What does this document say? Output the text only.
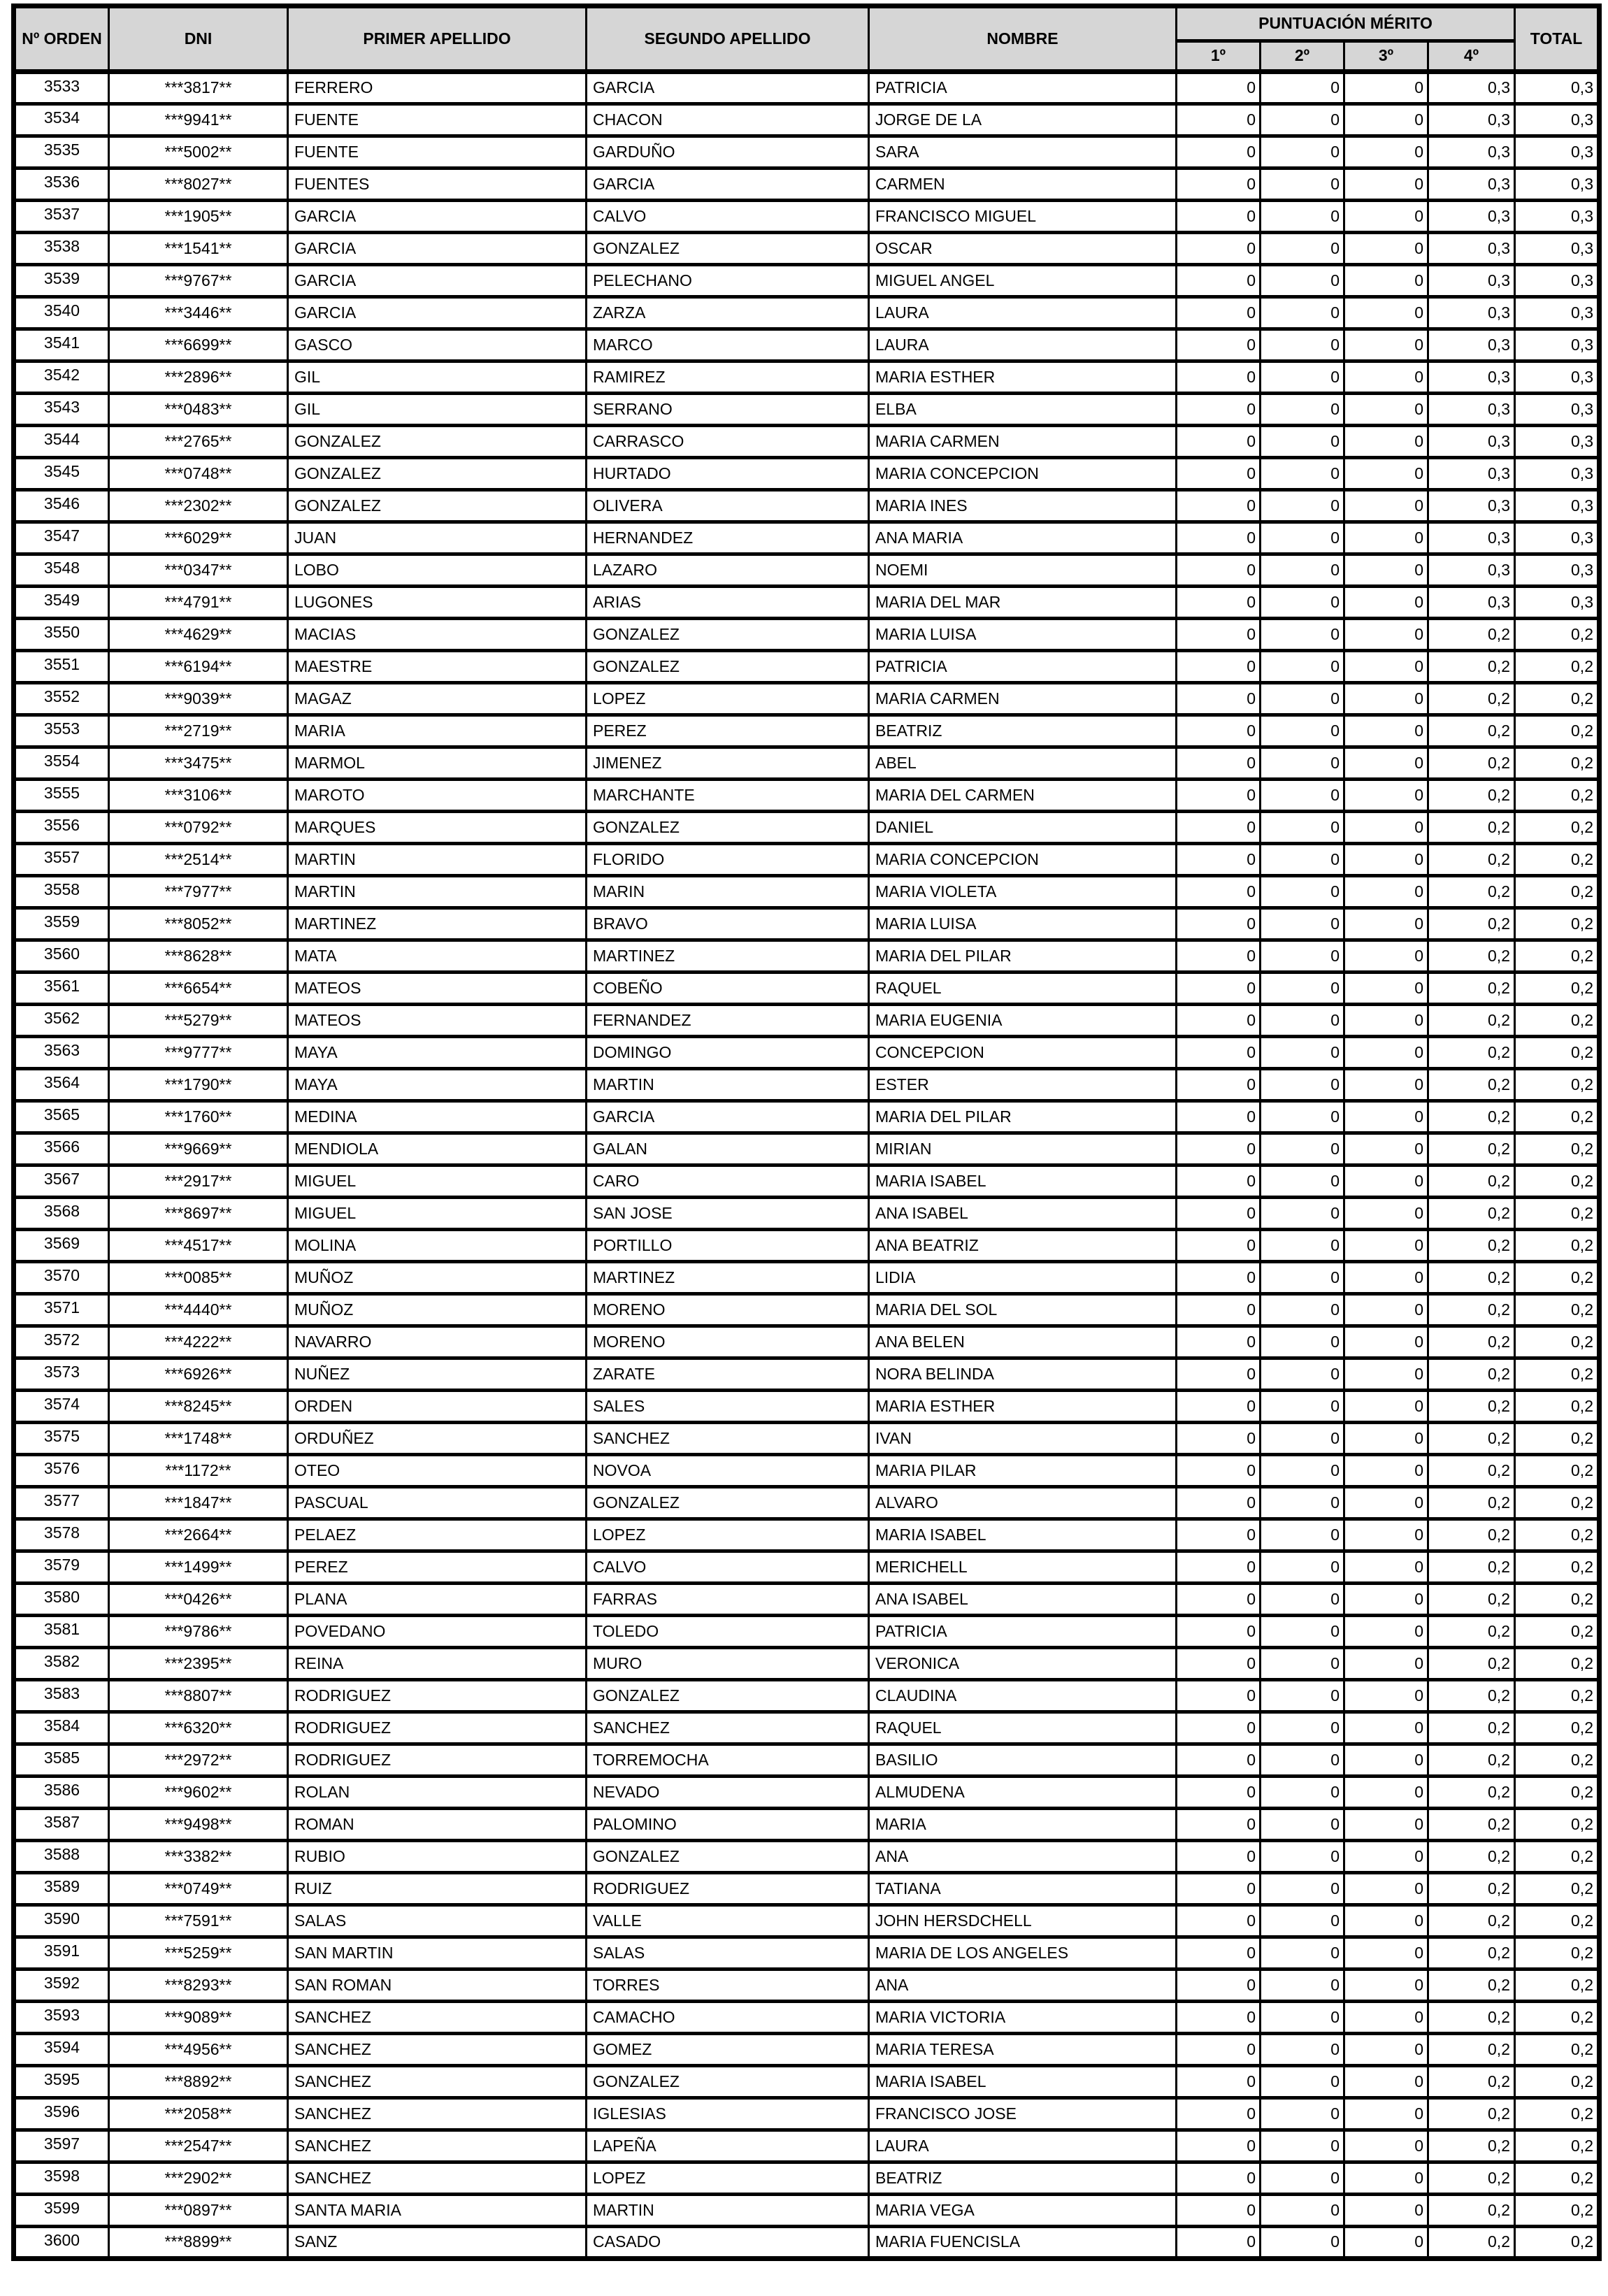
Nº ORDEN	DNI	PRIMER APELLIDO	SEGUNDO APELLIDO	NOMBRE	PUNTUACIÓN MÉRITO				TOTAL
					1º	2º	3º	4º	
3533	***3817**	FERRERO	GARCIA	PATRICIA	0	0	0	0,3	0,3
3534	***9941**	FUENTE	CHACON	JORGE DE LA	0	0	0	0,3	0,3
3535	***5002**	FUENTE	GARDUÑO	SARA	0	0	0	0,3	0,3
3536	***8027**	FUENTES	GARCIA	CARMEN	0	0	0	0,3	0,3
3537	***1905**	GARCIA	CALVO	FRANCISCO MIGUEL	0	0	0	0,3	0,3
3538	***1541**	GARCIA	GONZALEZ	OSCAR	0	0	0	0,3	0,3
3539	***9767**	GARCIA	PELECHANO	MIGUEL ANGEL	0	0	0	0,3	0,3
3540	***3446**	GARCIA	ZARZA	LAURA	0	0	0	0,3	0,3
3541	***6699**	GASCO	MARCO	LAURA	0	0	0	0,3	0,3
3542	***2896**	GIL	RAMIREZ	MARIA ESTHER	0	0	0	0,3	0,3
3543	***0483**	GIL	SERRANO	ELBA	0	0	0	0,3	0,3
3544	***2765**	GONZALEZ	CARRASCO	MARIA CARMEN	0	0	0	0,3	0,3
3545	***0748**	GONZALEZ	HURTADO	MARIA CONCEPCION	0	0	0	0,3	0,3
3546	***2302**	GONZALEZ	OLIVERA	MARIA INES	0	0	0	0,3	0,3
3547	***6029**	JUAN	HERNANDEZ	ANA MARIA	0	0	0	0,3	0,3
3548	***0347**	LOBO	LAZARO	NOEMI	0	0	0	0,3	0,3
3549	***4791**	LUGONES	ARIAS	MARIA DEL MAR	0	0	0	0,3	0,3
3550	***4629**	MACIAS	GONZALEZ	MARIA LUISA	0	0	0	0,2	0,2
3551	***6194**	MAESTRE	GONZALEZ	PATRICIA	0	0	0	0,2	0,2
3552	***9039**	MAGAZ	LOPEZ	MARIA CARMEN	0	0	0	0,2	0,2
3553	***2719**	MARIA	PEREZ	BEATRIZ	0	0	0	0,2	0,2
3554	***3475**	MARMOL	JIMENEZ	ABEL	0	0	0	0,2	0,2
3555	***3106**	MAROTO	MARCHANTE	MARIA DEL CARMEN	0	0	0	0,2	0,2
3556	***0792**	MARQUES	GONZALEZ	DANIEL	0	0	0	0,2	0,2
3557	***2514**	MARTIN	FLORIDO	MARIA CONCEPCION	0	0	0	0,2	0,2
3558	***7977**	MARTIN	MARIN	MARIA VIOLETA	0	0	0	0,2	0,2
3559	***8052**	MARTINEZ	BRAVO	MARIA LUISA	0	0	0	0,2	0,2
3560	***8628**	MATA	MARTINEZ	MARIA DEL PILAR	0	0	0	0,2	0,2
3561	***6654**	MATEOS	COBEÑO	RAQUEL	0	0	0	0,2	0,2
3562	***5279**	MATEOS	FERNANDEZ	MARIA EUGENIA	0	0	0	0,2	0,2
3563	***9777**	MAYA	DOMINGO	CONCEPCION	0	0	0	0,2	0,2
3564	***1790**	MAYA	MARTIN	ESTER	0	0	0	0,2	0,2
3565	***1760**	MEDINA	GARCIA	MARIA DEL PILAR	0	0	0	0,2	0,2
3566	***9669**	MENDIOLA	GALAN	MIRIAN	0	0	0	0,2	0,2
3567	***2917**	MIGUEL	CARO	MARIA ISABEL	0	0	0	0,2	0,2
3568	***8697**	MIGUEL	SAN JOSE	ANA ISABEL	0	0	0	0,2	0,2
3569	***4517**	MOLINA	PORTILLO	ANA BEATRIZ	0	0	0	0,2	0,2
3570	***0085**	MUÑOZ	MARTINEZ	LIDIA	0	0	0	0,2	0,2
3571	***4440**	MUÑOZ	MORENO	MARIA DEL SOL	0	0	0	0,2	0,2
3572	***4222**	NAVARRO	MORENO	ANA BELEN	0	0	0	0,2	0,2
3573	***6926**	NUÑEZ	ZARATE	NORA BELINDA	0	0	0	0,2	0,2
3574	***8245**	ORDEN	SALES	MARIA ESTHER	0	0	0	0,2	0,2
3575	***1748**	ORDUÑEZ	SANCHEZ	IVAN	0	0	0	0,2	0,2
3576	***1172**	OTEO	NOVOA	MARIA PILAR	0	0	0	0,2	0,2
3577	***1847**	PASCUAL	GONZALEZ	ALVARO	0	0	0	0,2	0,2
3578	***2664**	PELAEZ	LOPEZ	MARIA ISABEL	0	0	0	0,2	0,2
3579	***1499**	PEREZ	CALVO	MERICHELL	0	0	0	0,2	0,2
3580	***0426**	PLANA	FARRAS	ANA ISABEL	0	0	0	0,2	0,2
3581	***9786**	POVEDANO	TOLEDO	PATRICIA	0	0	0	0,2	0,2
3582	***2395**	REINA	MURO	VERONICA	0	0	0	0,2	0,2
3583	***8807**	RODRIGUEZ	GONZALEZ	CLAUDINA	0	0	0	0,2	0,2
3584	***6320**	RODRIGUEZ	SANCHEZ	RAQUEL	0	0	0	0,2	0,2
3585	***2972**	RODRIGUEZ	TORREMOCHA	BASILIO	0	0	0	0,2	0,2
3586	***9602**	ROLAN	NEVADO	ALMUDENA	0	0	0	0,2	0,2
3587	***9498**	ROMAN	PALOMINO	MARIA	0	0	0	0,2	0,2
3588	***3382**	RUBIO	GONZALEZ	ANA	0	0	0	0,2	0,2
3589	***0749**	RUIZ	RODRIGUEZ	TATIANA	0	0	0	0,2	0,2
3590	***7591**	SALAS	VALLE	JOHN HERSDCHELL	0	0	0	0,2	0,2
3591	***5259**	SAN MARTIN	SALAS	MARIA DE LOS ANGELES	0	0	0	0,2	0,2
3592	***8293**	SAN ROMAN	TORRES	ANA	0	0	0	0,2	0,2
3593	***9089**	SANCHEZ	CAMACHO	MARIA VICTORIA	0	0	0	0,2	0,2
3594	***4956**	SANCHEZ	GOMEZ	MARIA TERESA	0	0	0	0,2	0,2
3595	***8892**	SANCHEZ	GONZALEZ	MARIA ISABEL	0	0	0	0,2	0,2
3596	***2058**	SANCHEZ	IGLESIAS	FRANCISCO JOSE	0	0	0	0,2	0,2
3597	***2547**	SANCHEZ	LAPEÑA	LAURA	0	0	0	0,2	0,2
3598	***2902**	SANCHEZ	LOPEZ	BEATRIZ	0	0	0	0,2	0,2
3599	***0897**	SANTA MARIA	MARTIN	MARIA VEGA	0	0	0	0,2	0,2
3600	***8899**	SANZ	CASADO	MARIA FUENCISLA	0	0	0	0,2	0,2
